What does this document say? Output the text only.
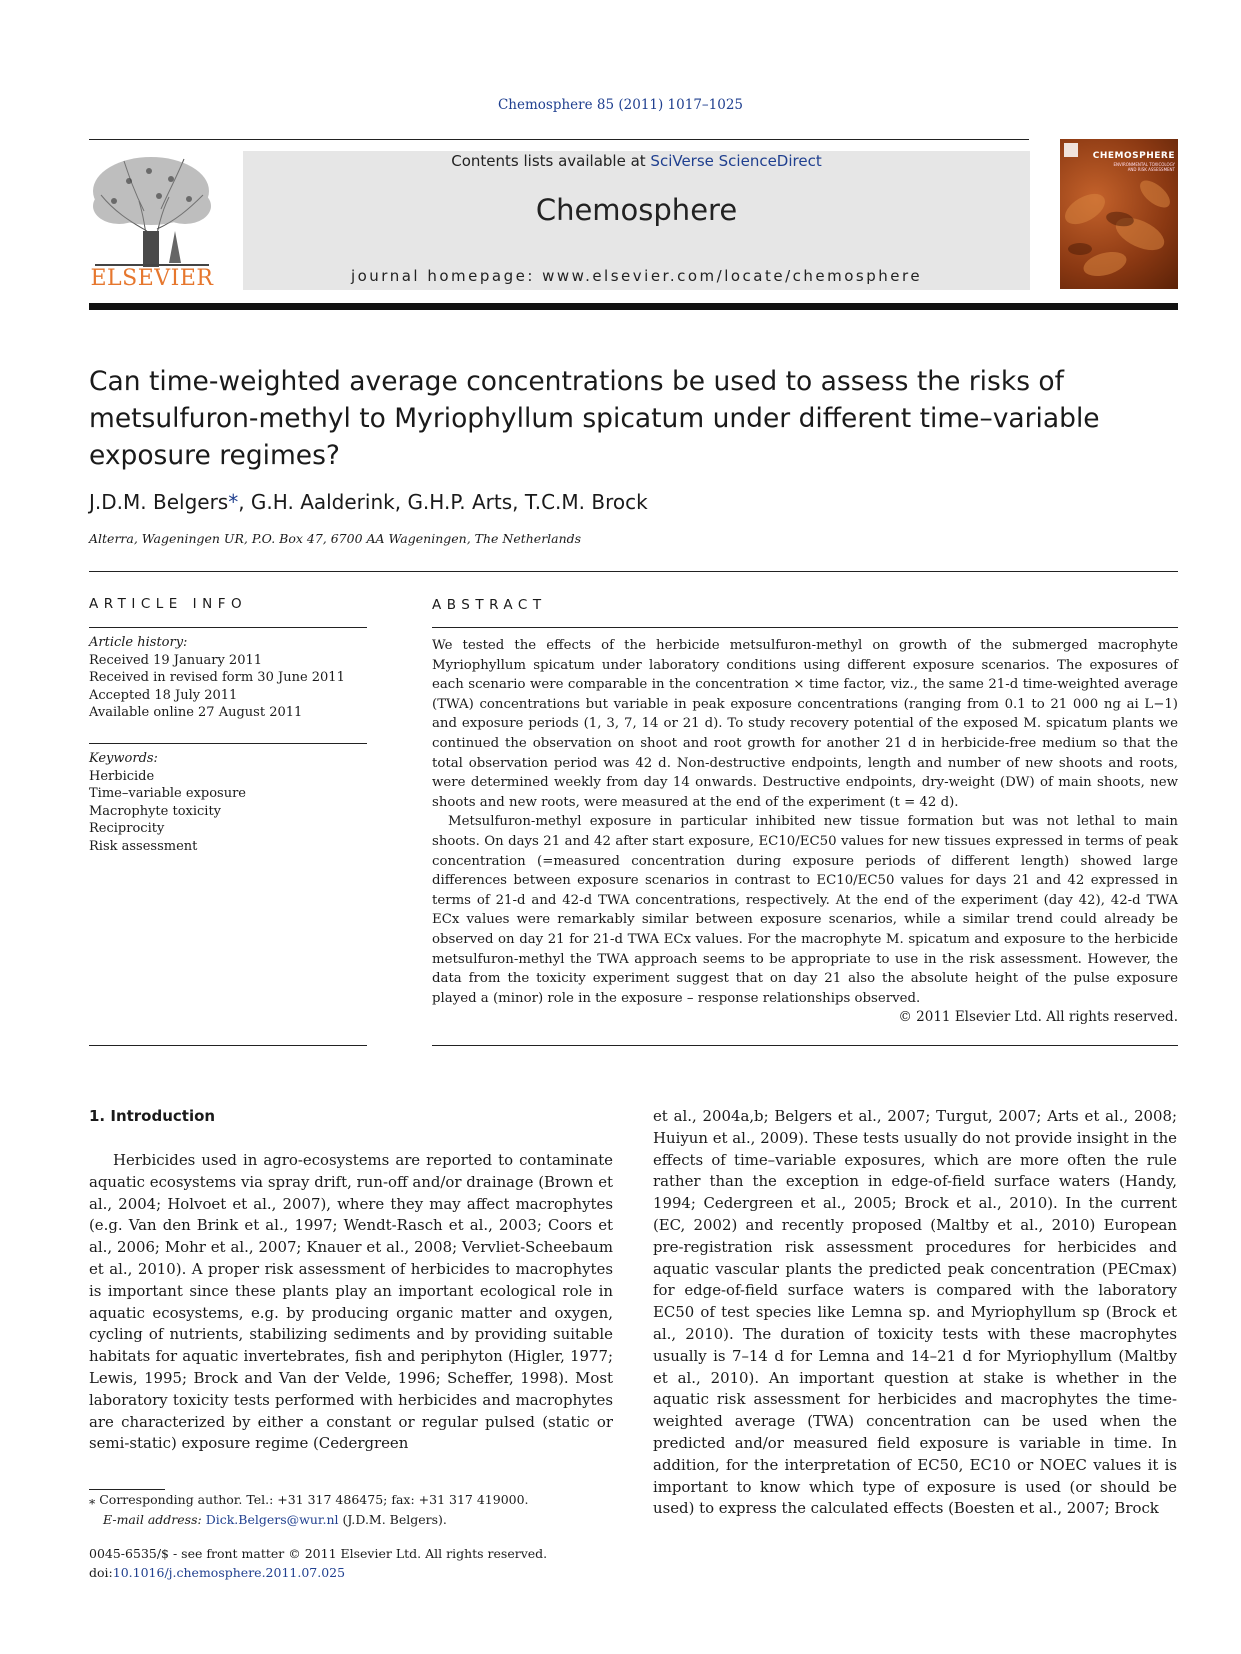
Chemosphere 85 (2011) 1017–1025
ELSEVIER
Contents lists available at SciVerse ScienceDirect
Chemosphere
journal homepage: www.elsevier.com/locate/chemosphere
CHEMOSPHERE
ENVIRONMENTAL TOXICOLOGY AND RISK ASSESSMENT
Can time-weighted average concentrations be used to assess the risks of metsulfuron-methyl to Myriophyllum spicatum under different time–variable exposure regimes?
J.D.M. Belgers*, G.H. Aalderink, G.H.P. Arts, T.C.M. Brock
Alterra, Wageningen UR, P.O. Box 47, 6700 AA Wageningen, The Netherlands
ARTICLE INFO
Article history:
Received 19 January 2011
Received in revised form 30 June 2011
Accepted 18 July 2011
Available online 27 August 2011
Keywords:
Herbicide
Time–variable exposure
Macrophyte toxicity
Reciprocity
Risk assessment
ABSTRACT

We tested the effects of the herbicide metsulfuron-methyl on growth of the submerged macrophyte Myriophyllum spicatum under laboratory conditions using different exposure scenarios. The exposures of each scenario were comparable in the concentration × time factor, viz., the same 21-d time-weighted average (TWA) concentrations but variable in peak exposure concentrations (ranging from 0.1 to 21 000 ng ai L−1) and exposure periods (1, 3, 7, 14 or 21 d). To study recovery potential of the exposed M. spicatum plants we continued the observation on shoot and root growth for another 21 d in herbicide-free medium so that the total observation period was 42 d. Non-destructive endpoints, length and number of new shoots and roots, were determined weekly from day 14 onwards. Destructive endpoints, dry-weight (DW) of main shoots, new shoots and new roots, were measured at the end of the experiment (t = 42 d).

Metsulfuron-methyl exposure in particular inhibited new tissue formation but was not lethal to main shoots. On days 21 and 42 after start exposure, EC10/EC50 values for new tissues expressed in terms of peak concentration (=measured concentration during exposure periods of different length) showed large differences between exposure scenarios in contrast to EC10/EC50 values for days 21 and 42 expressed in terms of 21-d and 42-d TWA concentrations, respectively. At the end of the experiment (day 42), 42-d TWA ECx values were remarkably similar between exposure scenarios, while a similar trend could already be observed on day 21 for 21-d TWA ECx values. For the macrophyte M. spicatum and exposure to the herbicide metsulfuron-methyl the TWA approach seems to be appropriate to use in the risk assessment. However, the data from the toxicity experiment suggest that on day 21 also the absolute height of the pulse exposure played a (minor) role in the exposure – response relationships observed.

© 2011 Elsevier Ltd. All rights reserved.
1. Introduction

Herbicides used in agro-ecosystems are reported to contaminate aquatic ecosystems via spray drift, run-off and/or drainage (Brown et al., 2004; Holvoet et al., 2007), where they may affect macrophytes (e.g. Van den Brink et al., 1997; Wendt-Rasch et al., 2003; Coors et al., 2006; Mohr et al., 2007; Knauer et al., 2008; Vervliet-Scheebaum et al., 2010). A proper risk assessment of herbicides to macrophytes is important since these plants play an important ecological role in aquatic ecosystems, e.g. by producing organic matter and oxygen, cycling of nutrients, stabilizing sediments and by providing suitable habitats for aquatic invertebrates, fish and periphyton (Higler, 1977; Lewis, 1995; Brock and Van der Velde, 1996; Scheffer, 1998). Most laboratory toxicity tests performed with herbicides and macrophytes are characterized by either a constant or regular pulsed (static or semi-static) exposure regime (Cedergreen

et al., 2004a,b; Belgers et al., 2007; Turgut, 2007; Arts et al., 2008; Huiyun et al., 2009). These tests usually do not provide insight in the effects of time–variable exposures, which are more often the rule rather than the exception in edge-of-field surface waters (Handy, 1994; Cedergreen et al., 2005; Brock et al., 2010). In the current (EC, 2002) and recently proposed (Maltby et al., 2010) European pre-registration risk assessment procedures for herbicides and aquatic vascular plants the predicted peak concentration (PECmax) for edge-of-field surface waters is compared with the laboratory EC50 of test species like Lemna sp. and Myriophyllum sp (Brock et al., 2010). The duration of toxicity tests with these macrophytes usually is 7–14 d for Lemna and 14–21 d for Myriophyllum (Maltby et al., 2010). An important question at stake is whether in the aquatic risk assessment for herbicides and macrophytes the time-weighted average (TWA) concentration can be used when the predicted and/or measured field exposure is variable in time. In addition, for the interpretation of EC50, EC10 or NOEC values it is important to know which type of exposure is used (or should be used) to express the calculated effects (Boesten et al., 2007; Brock

⁎ Corresponding author. Tel.: +31 317 486475; fax: +31 317 419000.
E-mail address: Dick.Belgers@wur.nl (J.D.M. Belgers).
0045-6535/$ - see front matter © 2011 Elsevier Ltd. All rights reserved.
doi:10.1016/j.chemosphere.2011.07.025
